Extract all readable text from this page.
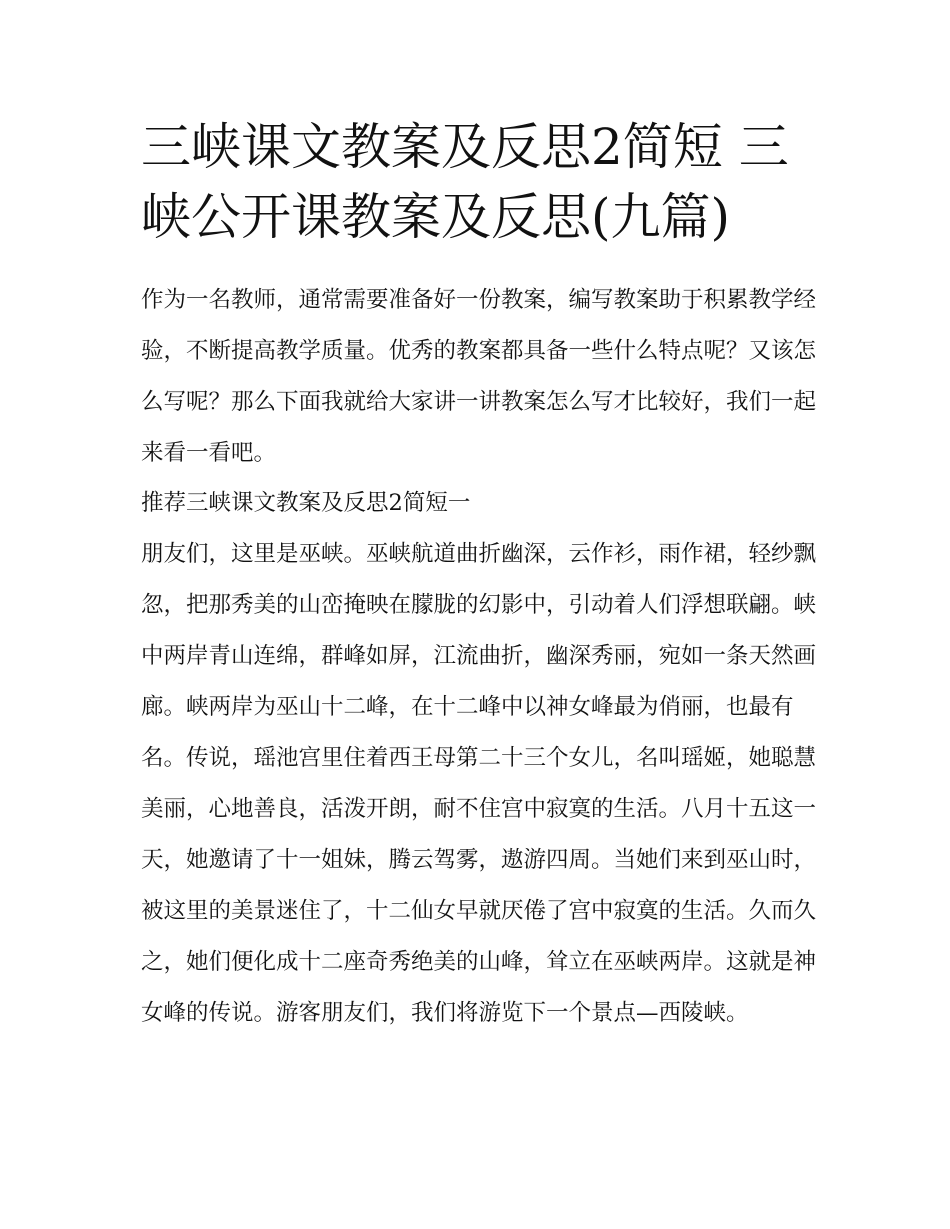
三峡课文教案及反思2简短 三峡公开课教案及反思(九篇)

作为一名教师，通常需要准备好一份教案，编写教案助于积累教学经验，不断提高教学质量。优秀的教案都具备一些什么特点呢？又该怎么写呢？那么下面我就给大家讲一讲教案怎么写才比较好，我们一起来看一看吧。

推荐三峡课文教案及反思2简短一

朋友们，这里是巫峡。巫峡航道曲折幽深，云作衫，雨作裙，轻纱飘忽，把那秀美的山峦掩映在朦胧的幻影中，引动着人们浮想联翩。峡中两岸青山连绵，群峰如屏，江流曲折，幽深秀丽，宛如一条天然画廊。峡两岸为巫山十二峰，在十二峰中以神女峰最为俏丽，也最有名。传说，瑶池宫里住着西王母第二十三个女儿，名叫瑶姬，她聪慧美丽，心地善良，活泼开朗，耐不住宫中寂寞的生活。八月十五这一天，她邀请了十一姐妹，腾云驾雾，遨游四周。当她们来到巫山时，被这里的美景迷住了，十二仙女早就厌倦了宫中寂寞的生活。久而久之，她们便化成十二座奇秀绝美的山峰，耸立在巫峡两岸。这就是神女峰的传说。游客朋友们，我们将游览下一个景点—西陵峡。
